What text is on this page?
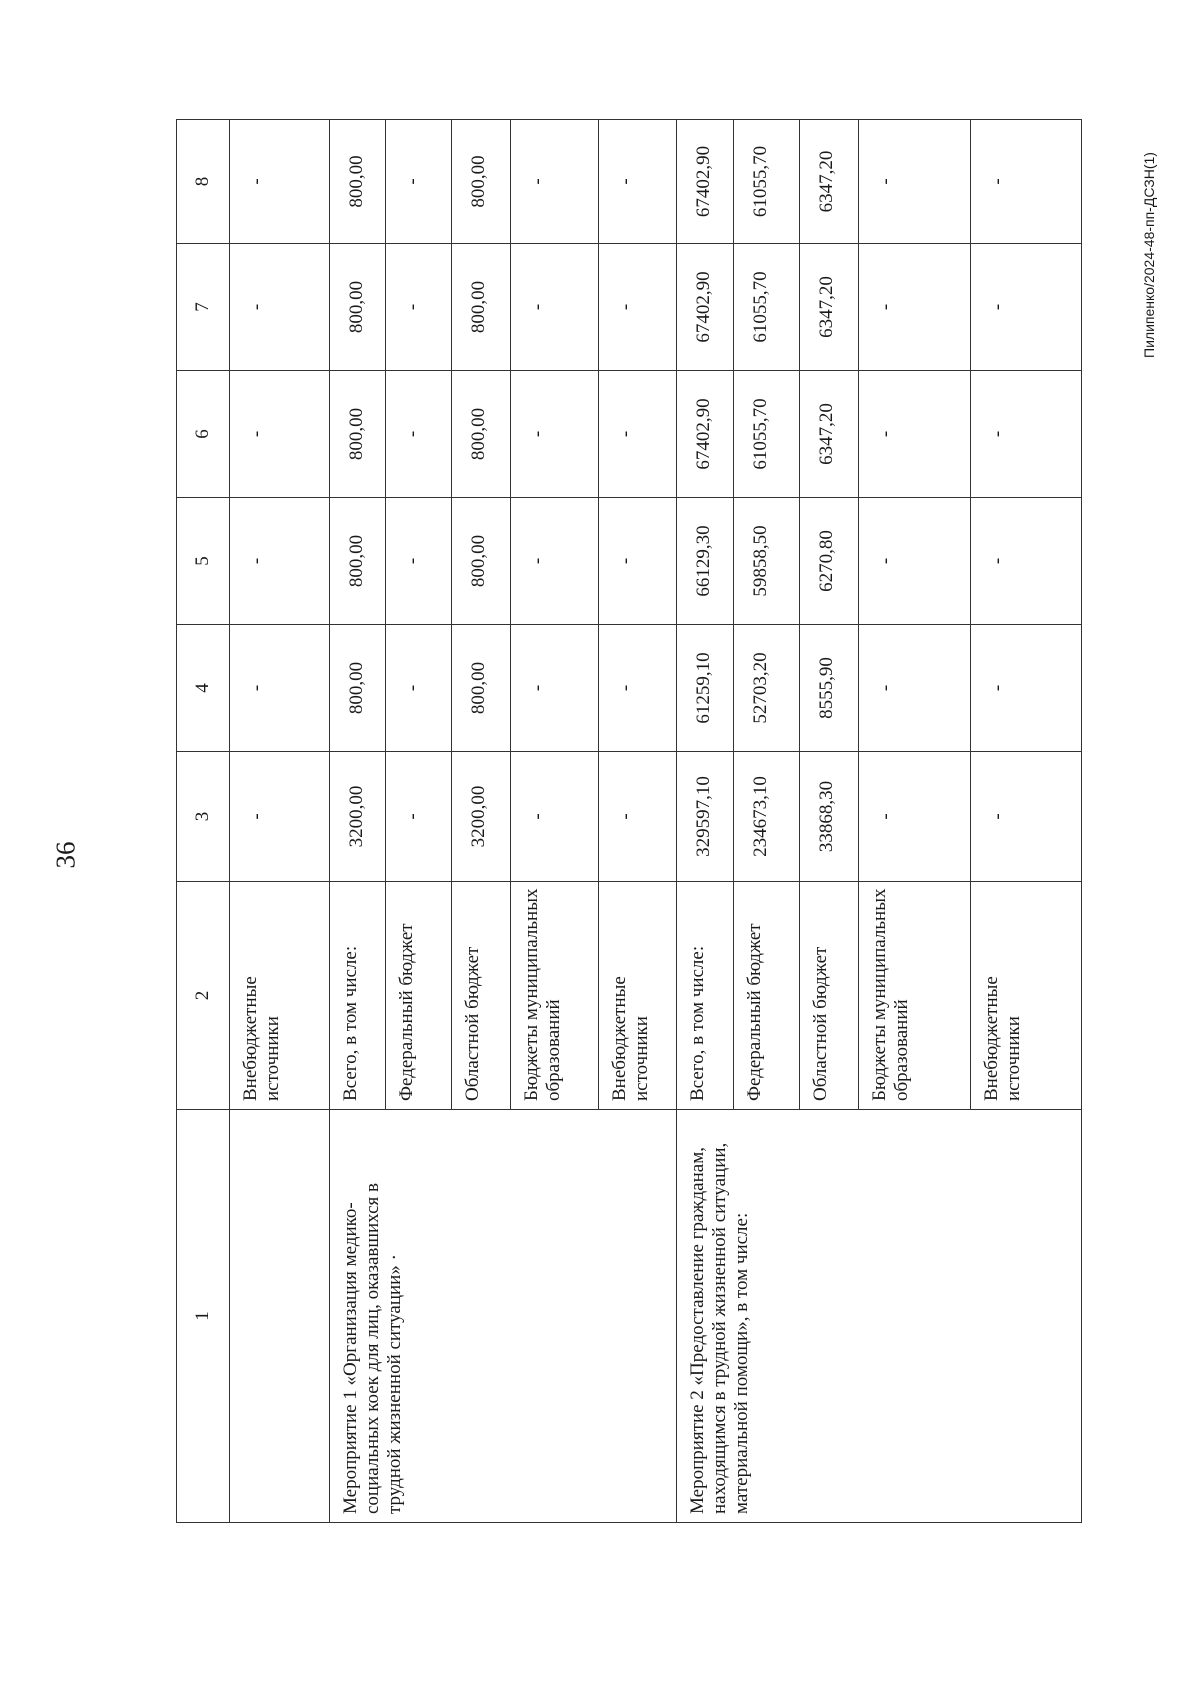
36
Пилипенко/2024-48-пп-ДСЗН(1)
1	2	3	4	5	6	7	8
	Внебюджетные источники	-	-	-	-	-	-
Мероприятие 1 «Организация медико-социальных коек для лиц, оказавшихся в трудной жизненной ситуации» ·	Всего, в том числе:	3200,00	800,00	800,00	800,00	800,00	800,00
	Федеральный бюджет	-	-	-	-	-	-
	Областной бюджет	3200,00	800,00	800,00	800,00	800,00	800,00
	Бюджеты муниципальных образований	-	-	-	-	-	-
	Внебюджетные источники	-	-	-	-	-	-
Мероприятие 2 «Предоставление гражданам, находящимся в трудной жизненной ситуации, материальной помощи», в том числе:	Всего, в том числе:	329597,10	61259,10	66129,30	67402,90	67402,90	67402,90
	Федеральный бюджет	234673,10	52703,20	59858,50	61055,70	61055,70	61055,70
	Областной бюджет	33868,30	8555,90	6270,80	6347,20	6347,20	6347,20
	Бюджеты муниципальных образований	-	-	-	-	-	-
	Внебюджетные источники	-	-	-	-	-	-
